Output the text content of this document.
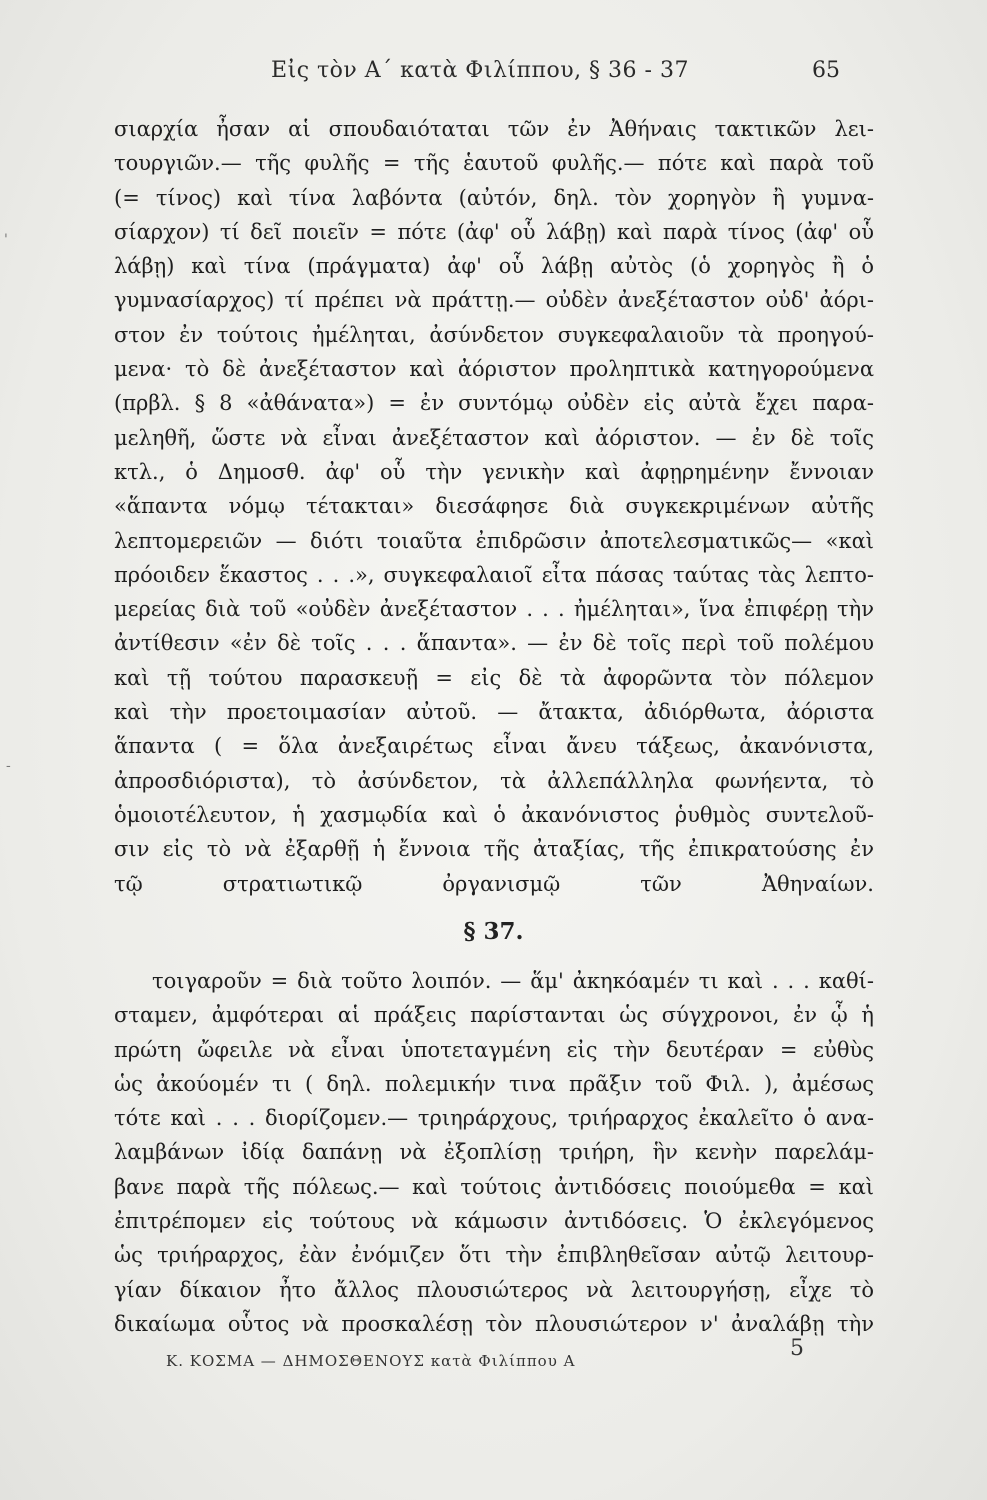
Εἰς τὸν Α΄ κατὰ Φιλίππου, § 36 - 37	65
σιαρχία ἦσαν αἱ σπουδαιόταται τῶν ἐν Ἀθήναις τακτικῶν λει-
τουργιῶν.— τῆς φυλῆς = τῆς ἑαυτοῦ φυλῆς.— πότε καὶ παρὰ τοῦ
(= τίνος) καὶ τίνα λαβόντα (αὐτόν, δηλ. τὸν χορηγὸν ἢ γυμνα-
σίαρχον) τί δεῖ ποιεῖν = πότε (ἀφ' οὗ λάβῃ) καὶ παρὰ τίνος (ἀφ' οὗ
λάβῃ) καὶ τίνα (πράγματα) ἀφ' οὗ λάβῃ αὐτὸς (ὁ χορηγὸς ἢ ὁ
γυμνασίαρχος) τί πρέπει νὰ πράττῃ.— οὐδὲν ἀνεξέταστον οὐδ' ἀόρι-
στον ἐν τούτοις ἠμέληται, ἀσύνδετον συγκεφαλαιοῦν τὰ προηγού-
μενα· τὸ δὲ ἀνεξέταστον καὶ ἀόριστον προληπτικὰ κατηγορούμενα
(πρβλ. § 8 «ἀθάνατα») = ἐν συντόμῳ οὐδὲν εἰς αὐτὰ ἔχει παρα-
μεληθῆ, ὥστε νὰ εἶναι ἀνεξέταστον καὶ ἀόριστον. — ἐν δὲ τοῖς
κτλ., ὁ Δημοσθ. ἀφ' οὗ τὴν γενικὴν καὶ ἀφῃρημένην ἔννοιαν
«ἅπαντα νόμῳ τέτακται» διεσάφησε διὰ συγκεκριμένων αὐτῆς
λεπτομερειῶν — διότι τοιαῦτα ἐπιδρῶσιν ἀποτελεσματικῶς— «καὶ
πρόοιδεν ἕκαστος . . .», συγκεφαλαιοῖ εἶτα πάσας ταύτας τὰς λεπτο-
μερείας διὰ τοῦ «οὐδὲν ἀνεξέταστον . . . ἠμέληται», ἵνα ἐπιφέρῃ τὴν
ἀντίθεσιν «ἐν δὲ τοῖς . . . ἅπαντα». — ἐν δὲ τοῖς περὶ τοῦ πολέμου
καὶ τῇ τούτου παρασκευῇ = εἰς δὲ τὰ ἀφορῶντα τὸν πόλεμον
καὶ τὴν προετοιμασίαν αὐτοῦ. — ἄτακτα, ἀδιόρθωτα, ἀόριστα
ἅπαντα ( = ὅλα ἀνεξαιρέτως εἶναι ἄνευ τάξεως, ἀκανόνιστα,
ἀπροσδιόριστα), τὸ ἀσύνδετον, τὰ ἀλλεπάλληλα φωνήεντα, τὸ
ὁμοιοτέλευτον, ἡ χασμῳδία καὶ ὁ ἀκανόνιστος ῥυθμὸς συντελοῦ-
σιν εἰς τὸ νὰ ἐξαρθῇ ἡ ἔννοια τῆς ἀταξίας, τῆς ἐπικρατούσης ἐν
τῷ στρατιωτικῷ ὀργανισμῷ τῶν Ἀθηναίων.
§ 37.
τοιγαροῦν = διὰ τοῦτο λοιπόν. — ἅμ' ἀκηκόαμέν τι καὶ . . . καθί-
σταμεν, ἀμφότεραι αἱ πράξεις παρίστανται ὡς σύγχρονοι, ἐν ᾧ ἡ
πρώτη ὤφειλε νὰ εἶναι ὑποτεταγμένη εἰς τὴν δευτέραν = εὐθὺς
ὡς ἀκούομέν τι ( δηλ. πολεμικήν τινα πρᾶξιν τοῦ Φιλ. ), ἀμέσως
τότε καὶ . . . διορίζομεν.— τριηράρχους, τριήραρχος ἐκαλεῖτο ὁ ανα-
λαμβάνων ἰδίᾳ δαπάνῃ νὰ ἐξοπλίσῃ τριήρη, ἣν κενὴν παρελάμ-
βανε παρὰ τῆς πόλεως.— καὶ τούτοις ἀντιδόσεις ποιούμεθα = καὶ
ἐπιτρέπομεν εἰς τούτους νὰ κάμωσιν ἀντιδόσεις. Ὁ ἐκλεγόμενος
ὡς τριήραρχος, ἐὰν ἐνόμιζεν ὅτι τὴν ἐπιβληθεῖσαν αὐτῷ λειτουρ-
γίαν δίκαιον ἦτο ἄλλος πλουσιώτερος νὰ λειτουργήσῃ, εἶχε τὸ
δικαίωμα οὗτος νὰ προσκαλέσῃ τὸν πλουσιώτερον ν' ἀναλάβῃ τὴν
Κ. ΚΟΣΜΑ — ΔΗΜΟΣΘΕΝΟΥΣ κατὰ Φιλίππου Α	5
'
-
